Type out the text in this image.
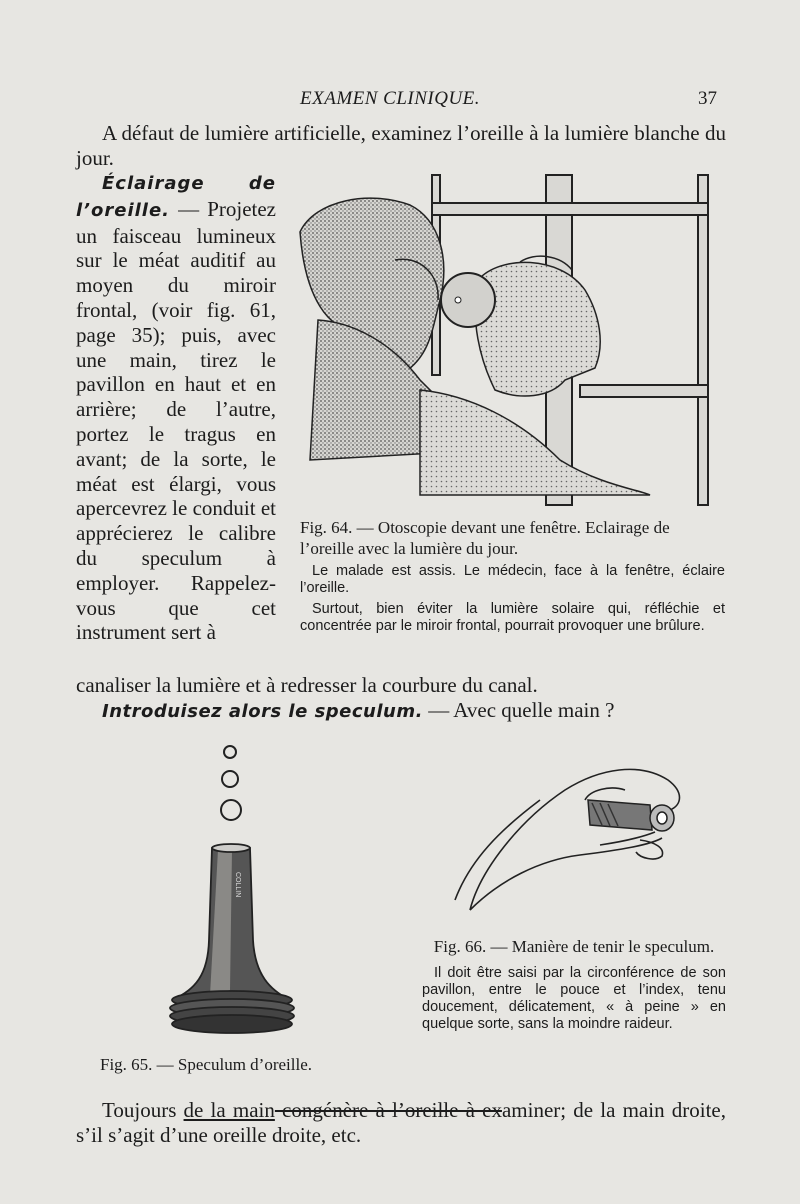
EXAMEN CLINIQUE.	37
A défaut de lumière artificielle, examinez l’oreille à la lumière blanche du jour.
Éclairage del’oreille. — Projetez un faisceau lumineux sur le méat auditif au moyen du miroir frontal, (voir fig. 61, page 35); puis, avec une main, tirez le pavillon en haut et en arrière; de l’autre, portez le tragus en avant; de la sorte, le méat est élargi, vous apercevrez le conduit et apprécierez le calibre du speculum à employer. Rappelez-vous que cet instrument sert à
Fig. 64. — Otoscopie devant une fenêtre. Eclairage de l’oreille avec la lumière du jour.
Le malade est assis. Le médecin, face à la fenêtre, éclaire l’oreille.
Surtout, bien éviter la lumière solaire qui, réfléchie et concentrée par le miroir frontal, pourrait provoquer une brûlure.
canaliser la lumière et à redresser la courbure du canal.
Introduisez alors le speculum. — Avec quelle main ?
COLLIN
Fig. 66. — Manière de tenir le speculum.
Il doit être saisi par la circonférence de son pavillon, entre le pouce et l’index, tenu doucement, délicatement, « à peine » en quelque sorte, sans la moindre raideur.
Fig. 65. — Speculum d’oreille.
Toujours de la main congénère à l’oreille à examiner; de la main droite, s’il s’agit d’une oreille droite, etc.
